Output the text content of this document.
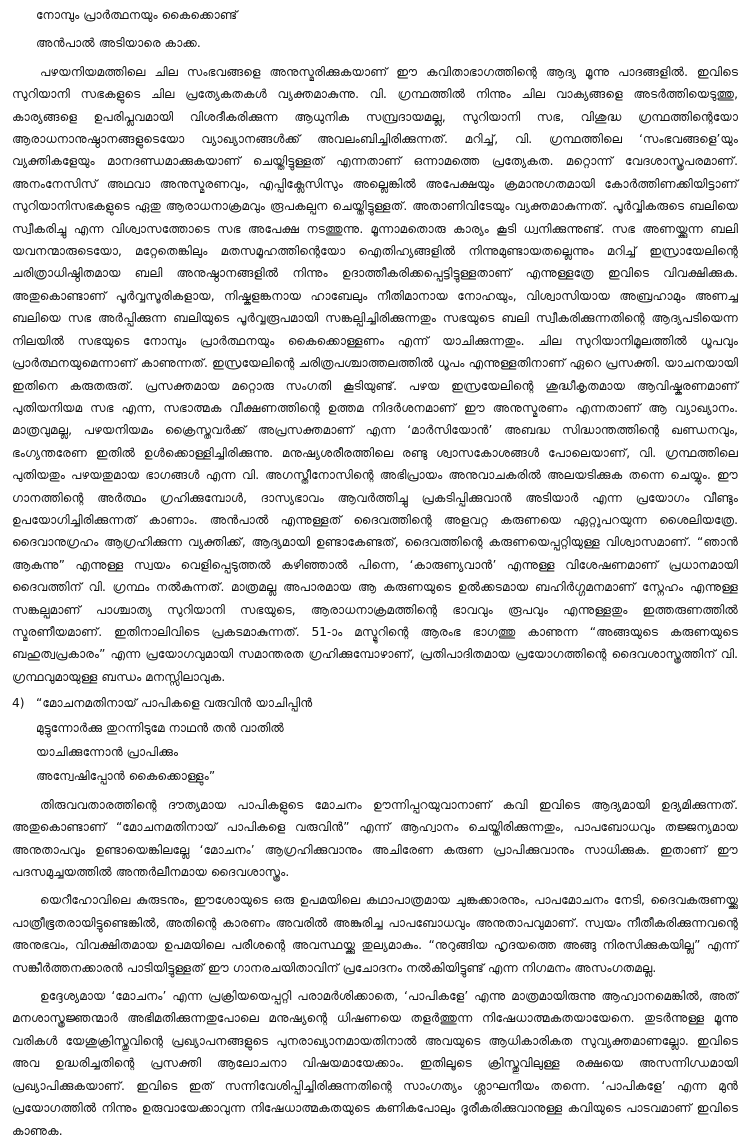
നോമ്പും പ്രാർത്ഥനയും കൈക്കൊണ്ട്
അൻപാൽ അടിയാരെ കാക്ക.

പഴയനിയമത്തിലെ ചില സംഭവങ്ങളെ അനുസ്മരിക്കുകയാണ് ഈ കവിതാഭാഗത്തിന്റെ ആദ്യ മൂന്നു പാദങ്ങളിൽ. ഇവിടെ സുറിയാനി സഭകളുടെ ചില പ്രത്യേകതകൾ വ്യക്തമാകുന്നു. വി. ഗ്രന്ഥത്തിൽ നിന്നും ചില വാക്യങ്ങളെ അടർത്തിയെടുത്തു, കാര്യങ്ങളെ ഉപരിപ്ലവമായി വിശദീകരിക്കുന്ന ആധുനിക സമ്പ്രദായമല്ല, സുറിയാനി സഭ, വിശുദ്ധ ഗ്രന്ഥത്തിന്റെയോ ആരാധനാനുഷ്ഠാനങ്ങളുടെയോ വ്യാഖ്യാനങ്ങൾക്ക് അവലംബിച്ചിരിക്കുന്നത്. മറിച്ച്, വി. ഗ്രന്ഥത്തിലെ ‘സംഭവങ്ങളെ’യും വ്യക്തികളേയും മാനദണ്ഡമാക്കുകയാണ് ചെയ്തിട്ടുള്ളത് എന്നതാണ് ഒന്നാമത്തെ പ്രത്യേകത. മറ്റൊന്ന് വേദശാസ്ത്രപരമാണ്. അനംനേസിസ് അഥവാ അനുസ്മരണവും, എപ്പിക്ലേസിസും അല്ലെങ്കിൽ അപേക്ഷയും ക്രമാനുഗതമായി കോർത്തിണക്കിയിട്ടാണ് സുറിയാനിസഭകളുടെ ഏതു ആരാധനാക്രമവും രൂപകല്പന ചെയ്തിട്ടുള്ളത്. അതാണിവിടേയും വ്യക്തമാകുന്നത്. പൂർവ്വികരുടെ ബലിയെ സ്വീകരിച്ചു എന്ന വിശ്വാസത്തോടെ സഭ അപേക്ഷ നടത്തുന്നു. മൂന്നാമതൊരു കാര്യം കൂടി ധ്വനിക്കുന്നുണ്ട്. സഭ അണയ്ക്കുന്ന ബലി യവനന്മാരുടെയോ, മറ്റേതെങ്കിലും മതസമൂഹത്തിന്റെയോ ഐതിഹ്യങ്ങളിൽ നിന്നുമുണ്ടായതല്ലെന്നും മറിച്ച് ഇസ്രായേലിന്റെ ചരിത്രാധിഷ്ഠിതമായ ബലി അനുഷ്ഠാനങ്ങളിൽ നിന്നും ഉദാത്തീകരിക്കപ്പെട്ടിട്ടുള്ളതാണ് എന്നുള്ളത്രേ ഇവിടെ വിവക്ഷിക്കുക. അതുകൊണ്ടാണ് പൂർവ്വസൂരികളായ, നിഷ്കളങ്കനായ ഹാബേലും നീതിമാനായ നോഹയും, വിശ്വാസിയായ അബ്രഹാമും അണച്ച ബലിയെ സഭ അർപ്പിക്കുന്ന ബലിയുടെ പൂർവ്വരൂപമായി സങ്കല്പിച്ചിരിക്കുന്നതും സഭയുടെ ബലി സ്വീകരിക്കുന്നതിന്റെ ആദ്യപടിയെന്ന നിലയിൽ സഭയുടെ നോമ്പും പ്രാർത്ഥനയും കൈക്കൊള്ളണം എന്ന് യാചിക്കുന്നതും. ചില സുറിയാനിമൂലത്തിൽ ധൂപവും പ്രാർത്ഥനയുമെന്നാണ് കാണുന്നത്. ഇസ്രയേലിന്റെ ചരിത്രപശ്ചാത്തലത്തിൽ ധൂപം എന്നുള്ളതിനാണ് ഏറെ പ്രസക്തി. യാചനയായി ഇതിനെ കരുതരുത്. പ്രസക്തമായ മറ്റൊരു സംഗതി കൂടിയുണ്ട്. പഴയ ഇസ്രയേലിന്റെ ശുദ്ധീകൃതമായ ആവിഷ്കരണമാണ് പുതിയനിയമ സഭ എന്ന, സഭാത്മക വീക്ഷണത്തിന്റെ ഉത്തമ നിദർശനമാണ് ഈ അനുസ്മരണം എന്നതാണ് ആ വ്യാഖ്യാനം. മാത്രവുമല്ല, പഴയനിയമം ക്രൈസ്തവർക്ക് അപ്രസക്തമാണ് എന്ന ‘മാർസിയോൻ’ അബദ്ധ സിദ്ധാന്തത്തിന്റെ ഖണ്ഡനവും, ഭംഗ്യന്തരേണ ഇതിൽ ഉൾക്കൊള്ളിച്ചിരിക്കുന്നു. മനുഷ്യശരീരത്തിലെ രണ്ടു ശ്വാസകോശങ്ങൾ പോലെയാണ്, വി. ഗ്രന്ഥത്തിലെ പുതിയതും പഴയതുമായ ഭാഗങ്ങൾ എന്ന വി. അഗസ്തീനോസിന്റെ അഭിപ്രായം അനുവാചകരിൽ അലയടിക്കുക തന്നെ ചെയ്യും. ഈ ഗാനത്തിന്റെ അർത്ഥം ഗ്രഹിക്കുമ്പോൾ, ദാസ്യഭാവം ആവർത്തിച്ചു പ്രകടിപ്പിക്കുവാൻ അടിയാർ എന്ന പ്രയോഗം വീണ്ടും ഉപയോഗിച്ചിരിക്കുന്നത് കാണാം. അൻപാൽ എന്നുള്ളത് ദൈവത്തിന്റെ അളവറ്റ കരുണയെ ഏറ്റുപറയുന്ന ശൈലിയത്രേ. ദൈവാനുഗ്രഹം ആഗ്രഹിക്കുന്ന വ്യക്തിക്ക്, ആദ്യമായി ഉണ്ടാകേണ്ടത്, ദൈവത്തിന്റെ കരുണയെപ്പറ്റിയുള്ള വിശ്വാസമാണ്. “ഞാൻ ആകുന്നു” എന്നുള്ള സ്വയം വെളിപ്പെടുത്തൽ കഴിഞ്ഞാൽ പിന്നെ, ‘കാരുണ്യവാൻ’ എന്നുള്ള വിശേഷണമാണ് പ്രധാനമായി ദൈവത്തിന് വി. ഗ്രന്ഥം നൽകുന്നത്. മാത്രമല്ല അപാരമായ ആ കരുണയുടെ ഉൽക്കടമായ ബഹിർഗ്ഗമനമാണ് സ്നേഹം എന്നുള്ള സങ്കല്പമാണ് പാശ്ചാത്യ സുറിയാനി സഭയുടെ, ആരാധനാക്രമത്തിന്റെ ഭാവവും രൂപവും എന്നുള്ളതും ഇത്തരുണത്തിൽ സ്മരണീയമാണ്. ഇതിനാലിവിടെ പ്രകടമാകുന്നത്. 51-ാം മസ്മൂറിന്റെ ആരംഭ ഭാഗത്തു കാണുന്ന “അങ്ങയുടെ കരുണയുടെ ബഹുത്വപ്രകാരം” എന്ന പ്രയോഗവുമായി സമാന്തരത ഗ്രഹിക്കുമ്പോഴാണ്, പ്രതിപാദിതമായ പ്രയോഗത്തിന്റെ ദൈവശാസ്ത്രത്തിന് വി. ഗ്രന്ഥവുമായുള്ള ബന്ധം മനസ്സിലാവുക.

4) “മോചനമതിനായ് പാപികളെ വരുവിൻ യാചിപ്പിൻ
മുട്ടുന്നോർക്കു തുറന്നിടുമേ നാഥൻ തൻ വാതിൽ
യാചിക്കുന്നോൻ പ്രാപിക്കും
അന്വേഷിപ്പോൻ കൈക്കൊള്ളും”

തിരുവവതാരത്തിന്റെ ദൗത്യമായ പാപികളുടെ മോചനം ഊന്നിപ്പറയുവാനാണ് കവി ഇവിടെ ആദ്യമായി ഉദ്യമിക്കുന്നത്. അതുകൊണ്ടാണ് “മോചനമതിനായ് പാപികളെ വരുവിൻ” എന്ന് ആഹ്വാനം ചെയ്തിരിക്കുന്നതും, പാപബോധവും തജ്ജന്യമായ അനുതാപവും ഉണ്ടായെങ്കിലല്ലേ ‘മോചനം’ ആഗ്രഹിക്കുവാനും അചിരേണ കരുണ പ്രാപിക്കുവാനും സാധിക്കുക. ഇതാണ് ഈ പദസമുച്ചയത്തിൽ അന്തർലീനമായ ദൈവശാസ്ത്രം.

യെറീഹോവിലെ കുരുടനും, ഈശോയുടെ ഒരു ഉപമയിലെ കഥാപാത്രമായ ചുങ്കക്കാരനും, പാപമോചനം നേടി, ദൈവകരുണയ്ക്കു പാത്രീഭൂതരായിട്ടുണ്ടെങ്കിൽ, അതിന്റെ കാരണം അവരിൽ അങ്കുരിച്ച പാപബോധവും അനുതാപവുമാണ്. സ്വയം നീതീകരിക്കുന്നവന്റെ അനുഭവം, വിവക്ഷിതമായ ഉപമയിലെ പരീശന്റെ അവസ്ഥയ്ക്കു തുല്യമാകും. “നുറുങ്ങിയ ഹൃദയത്തെ അങ്ങു നിരസിക്കുകയില്ല” എന്ന് സങ്കീർത്തനക്കാരൻ പാടിയിട്ടുള്ളത് ഈ ഗാനരചയിതാവിന് പ്രചോദനം നൽകിയിട്ടുണ്ട് എന്ന നിഗമനം അസംഗതമല്ല.

ഉദ്ദേശ്യമായ ‘മോചനം’ എന്ന പ്രക്രിയയെപ്പറ്റി പരാമർശിക്കാതെ, ‘പാപികളേ’ എന്നു മാത്രമായിരുന്നു ആഹ്വാനമെങ്കിൽ, അത് മനശാസ്ത്രജ്ഞന്മാർ അഭിമതിക്കുന്നതുപോലെ മനുഷ്യന്റെ ധിഷണയെ തളർത്തുന്ന നിഷേധാത്മകതയായേനെ. തുടർന്നുള്ള മൂന്നു വരികൾ യേശുക്രിസ്തുവിന്റെ പ്രഖ്യാപനങ്ങളുടെ പുനരാഖ്യാനമായതിനാൽ അവയുടെ ആധികാരികത സുവ്യക്തമാണല്ലോ. ഇവിടെ അവ ഉദ്ധരിച്ചതിന്റെ പ്രസക്തി ആലോചനാ വിഷയമായേക്കാം. ഇതിലൂടെ ക്രിസ്തുവിലുള്ള രക്ഷയെ അസന്നിഗ്ധമായി പ്രഖ്യാപിക്കുകയാണ്. ഇവിടെ ഇത് സന്നിവേശിപ്പിച്ചിരിക്കുന്നതിന്റെ സാംഗത്യം ശ്ലാഘനീയം തന്നെ. ‘പാപികളേ’ എന്ന മുൻ പ്രയോഗത്തിൽ നിന്നും ഉരുവായേക്കാവുന്ന നിഷേധാത്മകതയുടെ കണികപോലും ദൂരീകരിക്കുവാനുള്ള കവിയുടെ പാടവമാണ് ഇവിടെ കാണുക.
